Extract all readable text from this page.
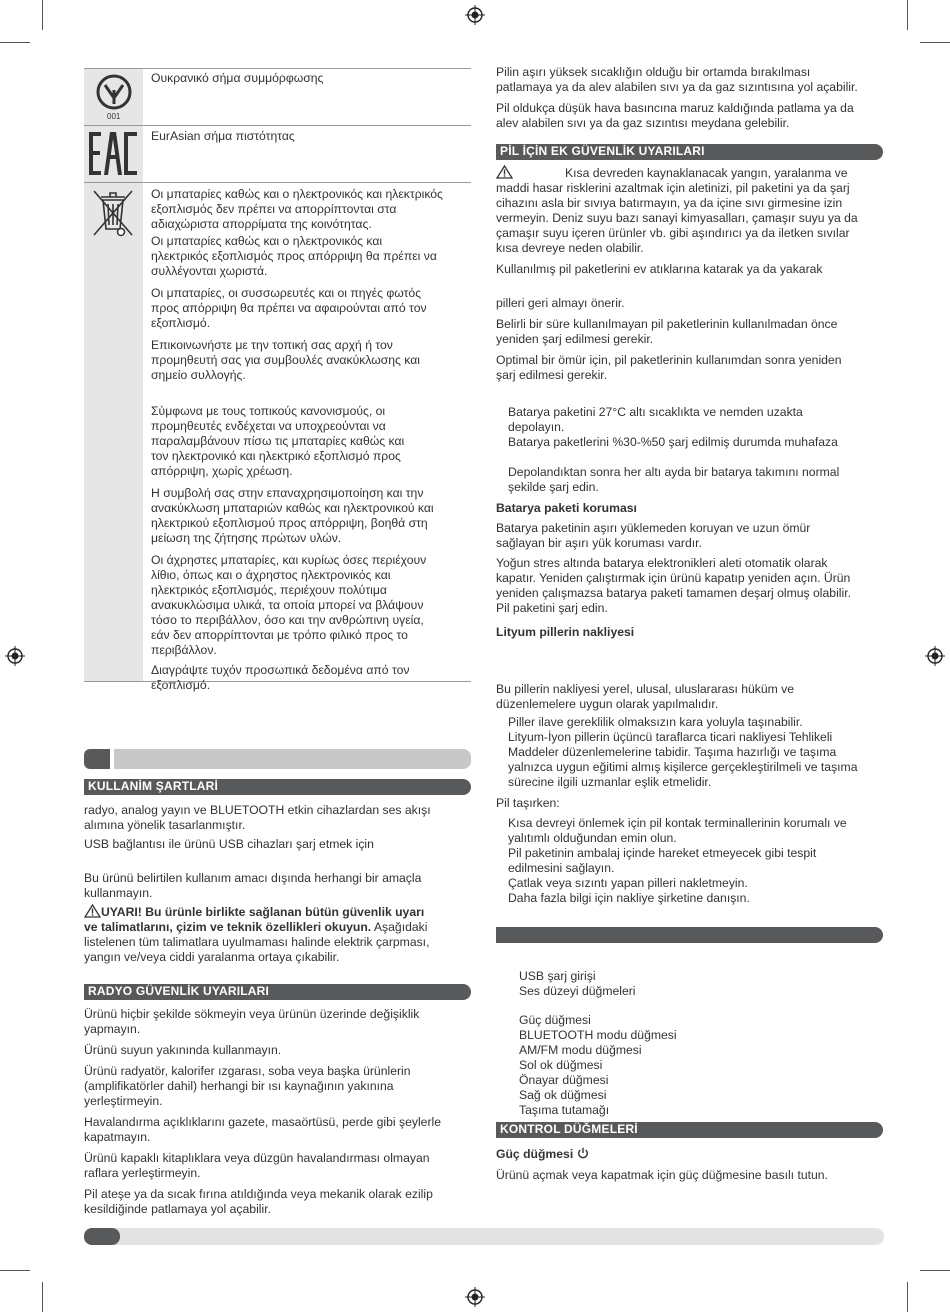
001
Ουκρανικό σήμα συμμόρφωσης
EurAsian σήμα πιστότητας

Οι μπαταρίες καθώς και ο ηλεκτρονικός και ηλεκτρικός
εξοπλισμός δεν πρέπει να απορρίπτονται στα
αδιαχώριστα απορρίματα της κοινότητας.

Οι μπαταρίες καθώς και ο ηλεκτρονικός και
ηλεκτρικός εξοπλισμός προς απόρριψη θα πρέπει να
συλλέγονται χωριστά.

Οι μπαταρίες, οι συσσωρευτές και οι πηγές φωτός
προς απόρριψη θα πρέπει να αφαιρούνται από τον
εξοπλισμό.

Επικοινωνήστε με την τοπική σας αρχή ή τον
προμηθευτή σας για συμβουλές ανακύκλωσης και
σημείο συλλογής.

Σύμφωνα με τους τοπικούς κανονισμούς, οι
προμηθευτές ενδέχεται να υποχρεούνται να
παραλαμβάνουν πίσω τις μπαταρίες καθώς και
τον ηλεκτρονικό και ηλεκτρικό εξοπλισμό προς
απόρριψη, χωρίς χρέωση.

Η συμβολή σας στην επαναχρησιμοποίηση και την
ανακύκλωση μπαταριών καθώς και ηλεκτρονικού και
ηλεκτρικού εξοπλισμού προς απόρριψη, βοηθά στη
μείωση της ζήτησης πρώτων υλών.

Οι άχρηστες μπαταρίες, και κυρίως όσες περιέχουν
λίθιο, όπως και ο άχρηστος ηλεκτρονικός και
ηλεκτρικός εξοπλισμός, περιέχουν πολύτιμα
ανακυκλώσιμα υλικά, τα οποία μπορεί να βλάψουν
τόσο το περιβάλλον, όσο και την ανθρώπινη υγεία,
εάν δεν απορρίπτονται με τρόπο φιλικό προς το
περιβάλλον.

Διαγράψτε τυχόν προσωπικά δεδομένα από τον
εξοπλισμό.

KULLANİM ŞARTLARİ

radyo, analog yayın ve BLUETOOTH etkin cihazlardan ses akışı

alımına yönelik tasarlanmıştır.

USB bağlantısı ile ürünü USB cihazları şarj etmek için

Bu ürünü belirtilen kullanım amacı dışında herhangi bir amaçla

kullanmayın.

UYARI! Bu ürünle birlikte sağlanan bütün güvenlik uyarı

ve talimatlarını, çizim ve teknik özellikleri okuyun. Aşağıdaki

listelenen tüm talimatlara uyulmaması halinde elektrik çarpması,

yangın ve/veya ciddi yaralanma ortaya çıkabilir.

RADYO GÜVENLİK UYARILARI

Ürünü hiçbir şekilde sökmeyin veya ürünün üzerinde değişiklik
yapmayın.

Ürünü suyun yakınında kullanmayın.

Ürünü radyatör, kalorifer ızgarası, soba veya başka ürünlerin
(amplifikatörler dahil) herhangi bir ısı kaynağının yakınına
yerleştirmeyin.

Havalandırma açıklıklarını gazete, masaörtüsü, perde gibi şeylerle
kapatmayın.

Ürünü kapaklı kitaplıklara veya düzgün havalandırması olmayan
raflara yerleştirmeyin.

Pil ateşe ya da sıcak fırına atıldığında veya mekanik olarak ezilip
kesildiğinde patlamaya yol açabilir.

Pilin aşırı yüksek sıcaklığın olduğu bir ortamda bırakılması
patlamaya ya da alev alabilen sıvı ya da gaz sızıntısına yol açabilir.

Pil oldukça düşük hava basıncına maruz kaldığında patlama ya da
alev alabilen sıvı ya da gaz sızıntısı meydana gelebilir.

PİL İÇİN EK GÜVENLİK UYARILARI

Kısa devreden kaynaklanacak yangın, yaralanma ve

maddi hasar risklerini azaltmak için aletinizi, pil paketini ya da şarj

cihazını asla bir sıvıya batırmayın, ya da içine sıvı girmesine izin

vermeyin. Deniz suyu bazı sanayi kimyasalları, çamaşır suyu ya da

çamaşır suyu içeren ürünler vb. gibi aşındırıcı ya da iletken sıvılar

kısa devreye neden olabilir.

Kullanılmış pil paketlerini ev atıklarına katarak ya da yakarak

pilleri geri almayı önerir.

Belirli bir süre kullanılmayan pil paketlerinin kullanılmadan önce
yeniden şarj edilmesi gerekir.

Optimal bir ömür için, pil paketlerinin kullanımdan sonra yeniden
şarj edilmesi gerekir.

Batarya paketini 27°C altı sıcaklıkta ve nemden uzakta

depolayın.

Batarya paketlerini %30-%50 şarj edilmiş durumda muhafaza

Depolandıktan sonra her altı ayda bir batarya takımını normal

şekilde şarj edin.

Batarya paketi koruması

Batarya paketinin aşırı yüklemeden koruyan ve uzun ömür
sağlayan bir aşırı yük koruması vardır.

Yoğun stres altında batarya elektronikleri aleti otomatik olarak
kapatır. Yeniden çalıştırmak için ürünü kapatıp yeniden açın. Ürün
yeniden çalışmazsa batarya paketi tamamen deşarj olmuş olabilir.
Pil paketini şarj edin.

Lityum pillerin nakliyesi

Bu pillerin nakliyesi yerel, ulusal, uluslararası hüküm ve

düzenlemelere uygun olarak yapılmalıdır.

Piller ilave gereklilik olmaksızın kara yoluyla taşınabilir.

Lityum-İyon pillerin üçüncü taraflarca ticari nakliyesi Tehlikeli

Maddeler düzenlemelerine tabidir. Taşıma hazırlığı ve taşıma

yalnızca uygun eğitimi almış kişilerce gerçekleştirilmeli ve taşıma

sürecine ilgili uzmanlar eşlik etmelidir.

Pil taşırken:

Kısa devreyi önlemek için pil kontak terminallerinin korumalı ve

yalıtımlı olduğundan emin olun.

Pil paketinin ambalaj içinde hareket etmeyecek gibi tespit

edilmesini sağlayın.

Çatlak veya sızıntı yapan pilleri nakletmeyin.

Daha fazla bilgi için nakliye şirketine danışın.

USB şarj girişi

Ses düzeyi düğmeleri

Güç düğmesi

BLUETOOTH modu düğmesi

AM/FM modu düğmesi

Sol ok düğmesi

Önayar düğmesi

Sağ ok düğmesi

Taşıma tutamağı

KONTROL DÜĞMELERİ

Güç düğmesi

Ürünü açmak veya kapatmak için güç düğmesine basılı tutun.
